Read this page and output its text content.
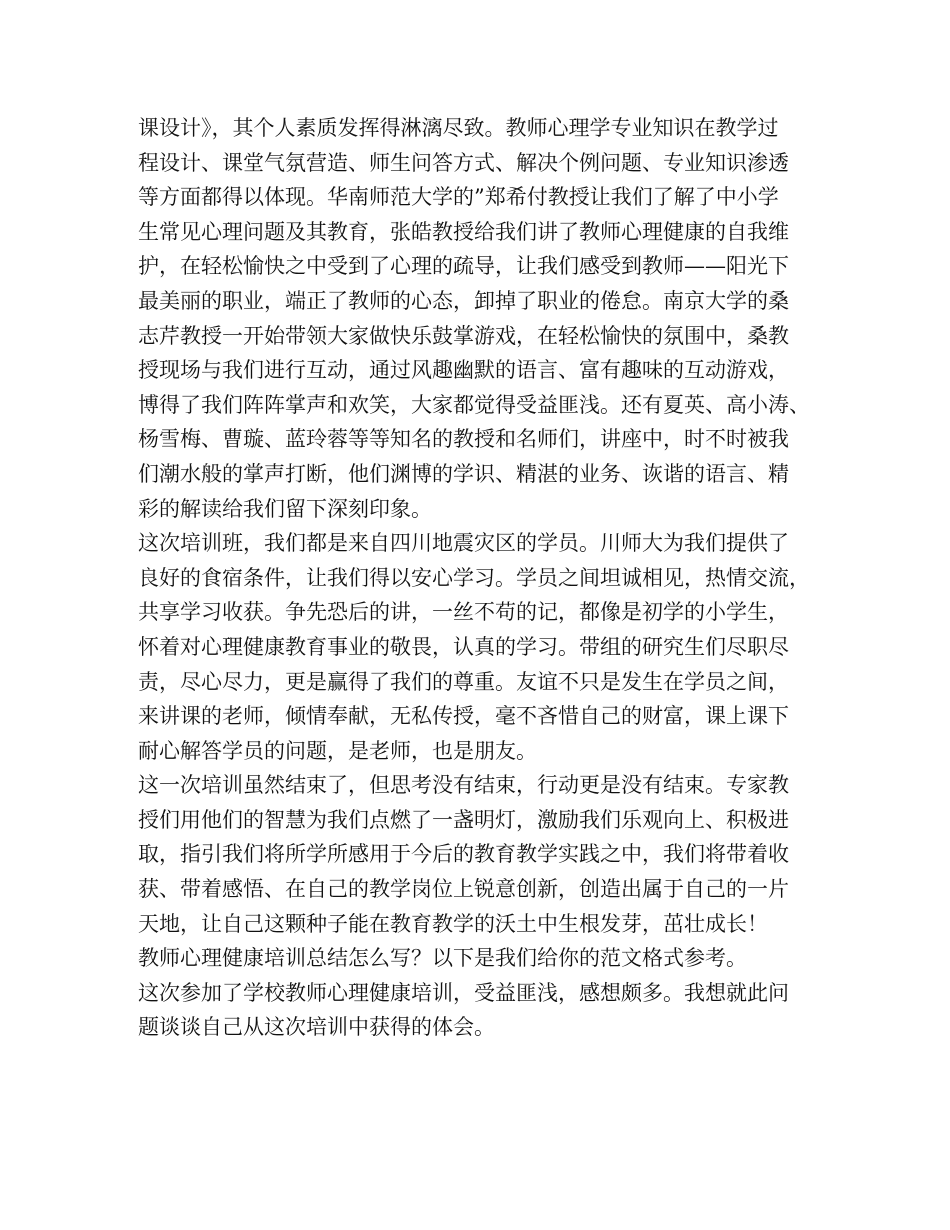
课设计》，其个人素质发挥得淋漓尽致。教师心理学专业知识在教学过
程设计、课堂气氛营造、师生问答方式、解决个例问题、专业知识渗透
等方面都得以体现。华南师范大学的”郑希付教授让我们了解了中小学
生常见心理问题及其教育，张皓教授给我们讲了教师心理健康的自我维
护，在轻松愉快之中受到了心理的疏导，让我们感受到教师——阳光下
最美丽的职业，端正了教师的心态，卸掉了职业的倦怠。南京大学的桑
志芹教授一开始带领大家做快乐鼓掌游戏，在轻松愉快的氛围中，桑教
授现场与我们进行互动，通过风趣幽默的语言、富有趣味的互动游戏，
博得了我们阵阵掌声和欢笑，大家都觉得受益匪浅。还有夏英、高小涛、
杨雪梅、曹璇、蓝玲蓉等等知名的教授和名师们，讲座中，时不时被我
们潮水般的掌声打断，他们渊博的学识、精湛的业务、诙谐的语言、精
彩的解读给我们留下深刻印象。
这次培训班，我们都是来自四川地震灾区的学员。川师大为我们提供了
良好的食宿条件，让我们得以安心学习。学员之间坦诚相见，热情交流，
共享学习收获。争先恐后的讲，一丝不苟的记，都像是初学的小学生，
怀着对心理健康教育事业的敬畏，认真的学习。带组的研究生们尽职尽
责，尽心尽力，更是赢得了我们的尊重。友谊不只是发生在学员之间，
来讲课的老师，倾情奉献，无私传授，毫不吝惜自己的财富，课上课下
耐心解答学员的问题，是老师，也是朋友。
这一次培训虽然结束了，但思考没有结束，行动更是没有结束。专家教
授们用他们的智慧为我们点燃了一盏明灯，激励我们乐观向上、积极进
取，指引我们将所学所感用于今后的教育教学实践之中，我们将带着收
获、带着感悟、在自己的教学岗位上锐意创新，创造出属于自己的一片
天地，让自己这颗种子能在教育教学的沃土中生根发芽，茁壮成长！
教师心理健康培训总结怎么写？以下是我们给你的范文格式参考。
这次参加了学校教师心理健康培训，受益匪浅，感想颇多。我想就此问
题谈谈自己从这次培训中获得的体会。
